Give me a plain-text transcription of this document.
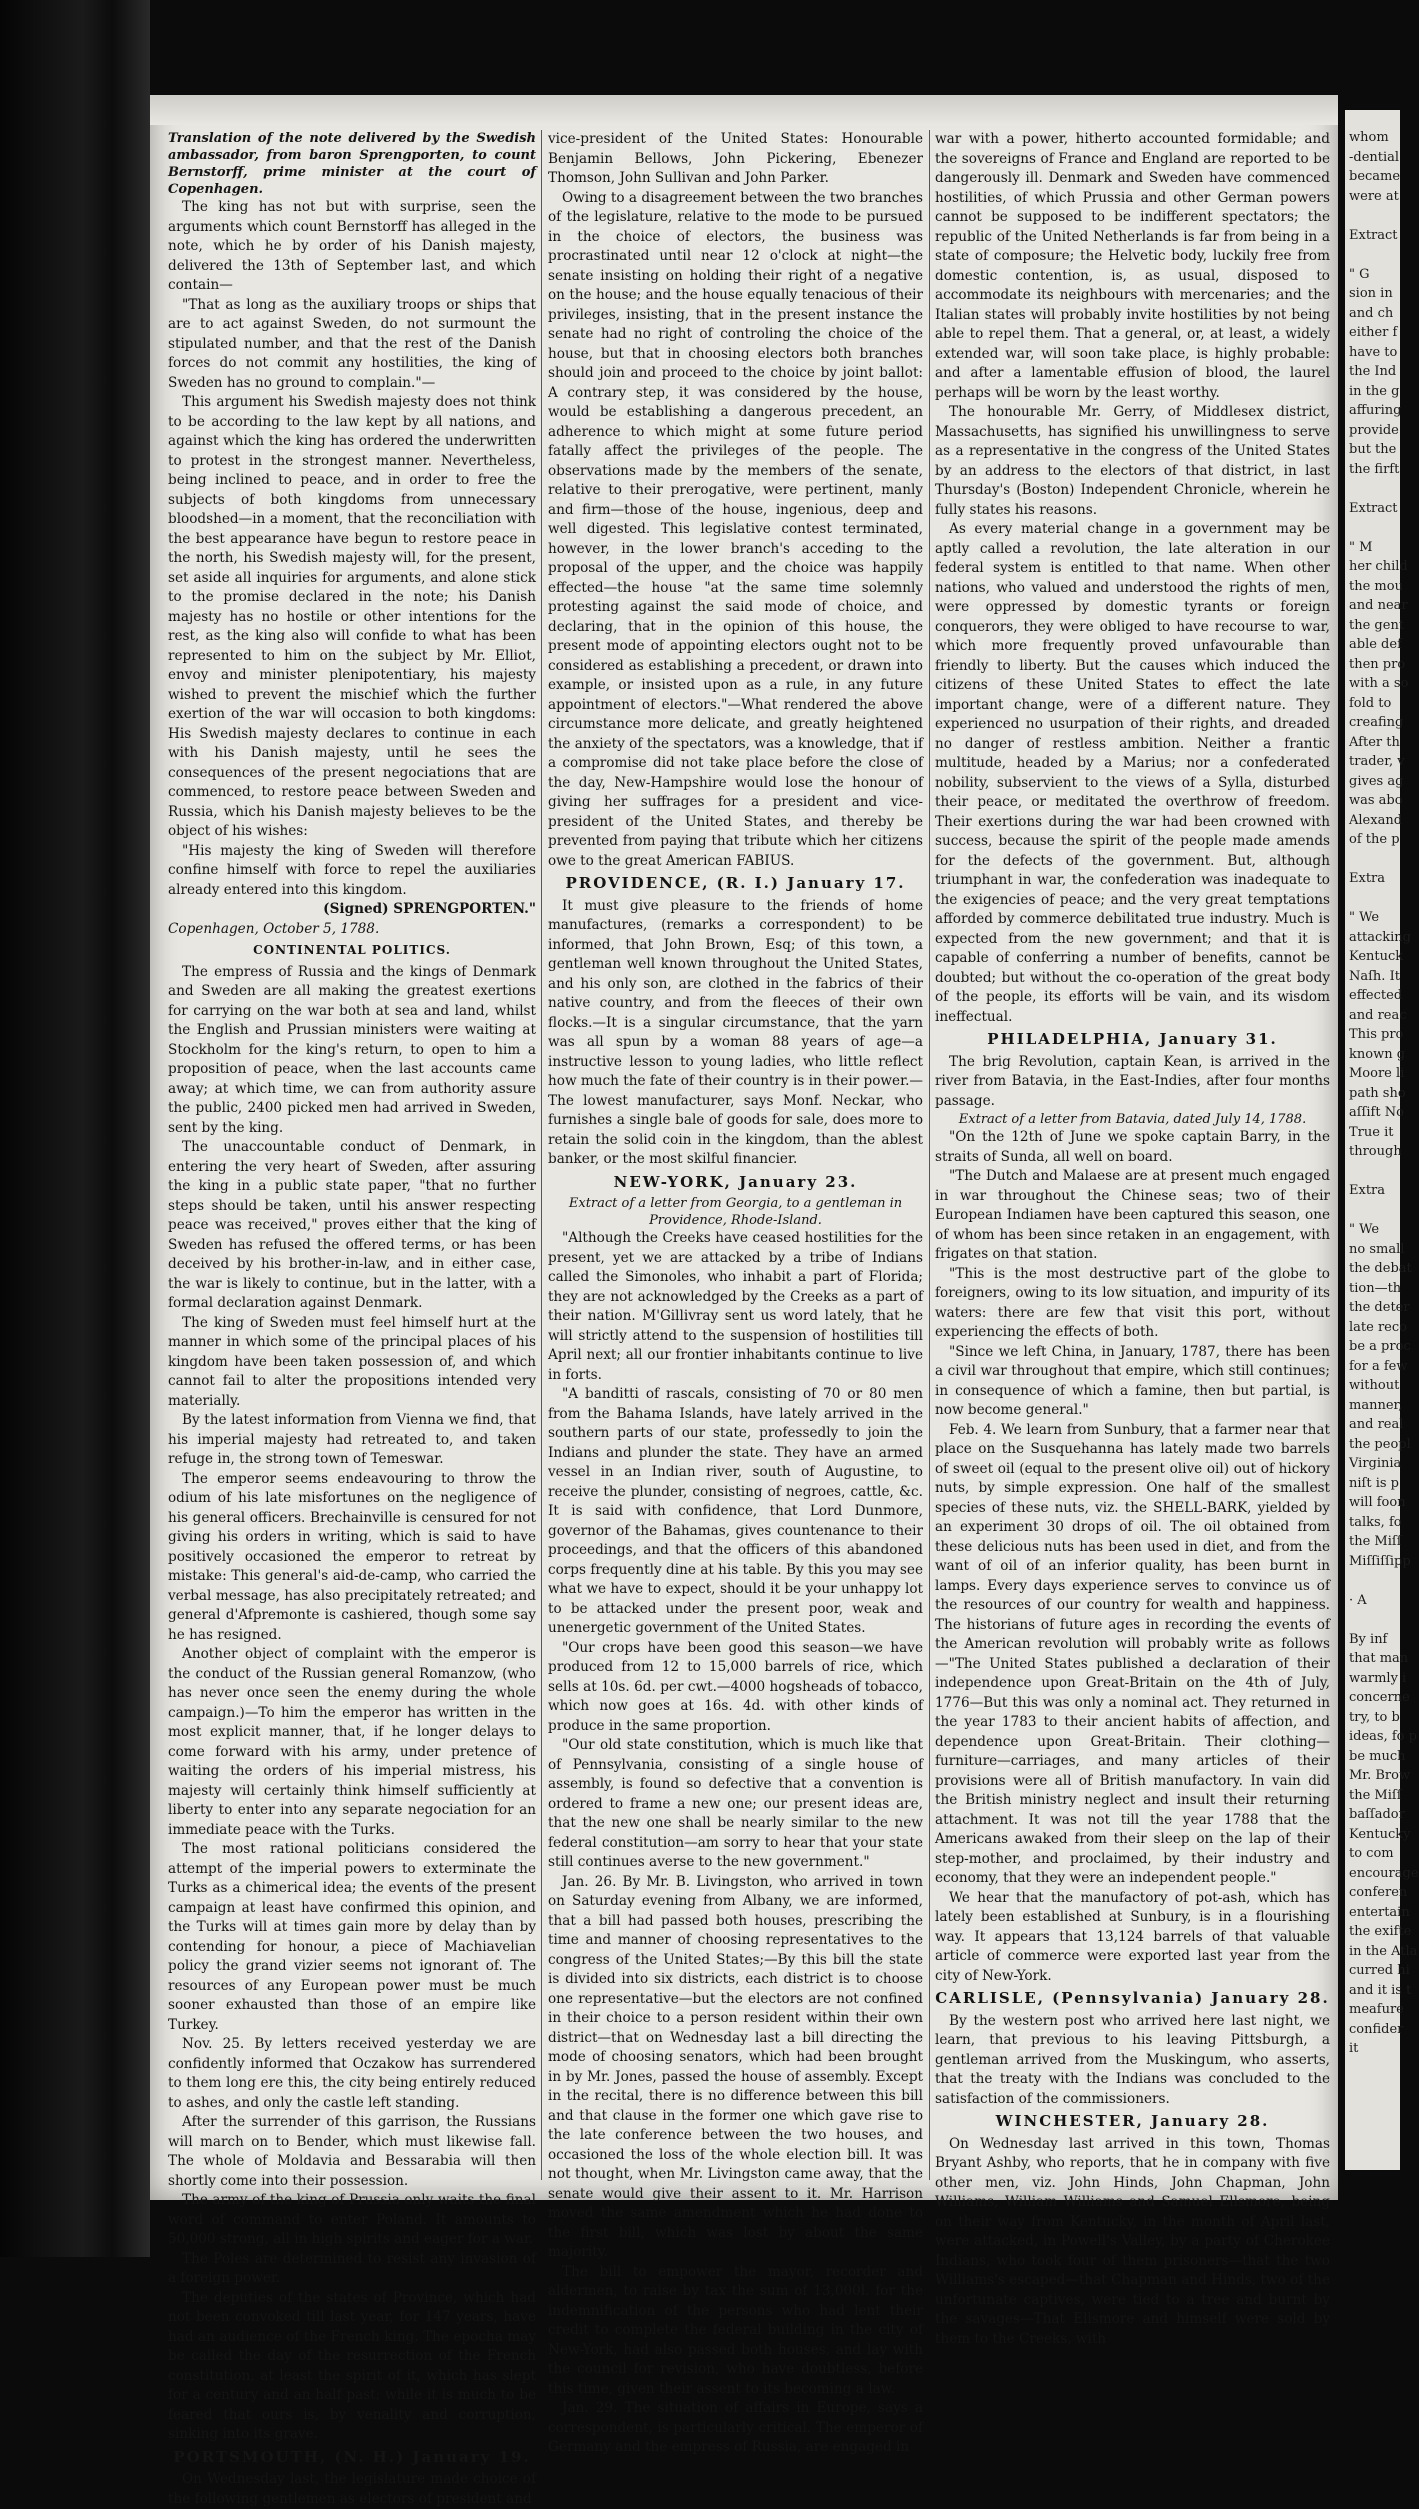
Translation of the note delivered by the Swedish ambassador, from baron Sprengporten, to count Bernstorff, prime minister at the court of Copenhagen.

The king has not but with surprise, seen the arguments which count Bernstorff has alleged in the note, which he by order of his Danish majesty, delivered the 13th of September last, and which contain—

"That as long as the auxiliary troops or ships that are to act against Sweden, do not surmount the stipulated number, and that the rest of the Danish forces do not commit any hostilities, the king of Sweden has no ground to complain."—

This argument his Swedish majesty does not think to be according to the law kept by all nations, and against which the king has ordered the underwritten to protest in the strongest manner. Nevertheless, being inclined to peace, and in order to free the subjects of both kingdoms from unnecessary bloodshed—in a moment, that the reconciliation with the best appearance have begun to restore peace in the north, his Swedish majesty will, for the present, set aside all inquiries for arguments, and alone stick to the promise declared in the note; his Danish majesty has no hostile or other intentions for the rest, as the king also will confide to what has been represented to him on the subject by Mr. Elliot, envoy and minister plenipotentiary, his majesty wished to prevent the mischief which the further exertion of the war will occasion to both kingdoms: His Swedish majesty declares to continue in each with his Danish majesty, until he sees the consequences of the present negociations that are commenced, to restore peace between Sweden and Russia, which his Danish majesty believes to be the object of his wishes:

"His majesty the king of Sweden will therefore confine himself with force to repel the auxiliaries already entered into this kingdom.

(Signed) SPRENGPORTEN."

Copenhagen, October 5, 1788.

CONTINENTAL POLITICS.

The empress of Russia and the kings of Denmark and Sweden are all making the greatest exertions for carrying on the war both at sea and land, whilst the English and Prussian ministers were waiting at Stockholm for the king's return, to open to him a proposition of peace, when the last accounts came away; at which time, we can from authority assure the public, 2400 picked men had arrived in Sweden, sent by the king.

The unaccountable conduct of Denmark, in entering the very heart of Sweden, after assuring the king in a public state paper, "that no further steps should be taken, until his answer respecting peace was received," proves either that the king of Sweden has refused the offered terms, or has been deceived by his brother-in-law, and in either case, the war is likely to continue, but in the latter, with a formal declaration against Denmark.

The king of Sweden must feel himself hurt at the manner in which some of the principal places of his kingdom have been taken possession of, and which cannot fail to alter the propositions intended very materially.

By the latest information from Vienna we find, that his imperial majesty had retreated to, and taken refuge in, the strong town of Temeswar.

The emperor seems endeavouring to throw the odium of his late misfortunes on the negligence of his general officers. Brechainville is censured for not giving his orders in writing, which is said to have positively occasioned the emperor to retreat by mistake: This general's aid-de-camp, who carried the verbal message, has also precipitately retreated; and general d'Afpremonte is cashiered, though some say he has resigned.

Another object of complaint with the emperor is the conduct of the Russian general Romanzow, (who has never once seen the enemy during the whole campaign.)—To him the emperor has written in the most explicit manner, that, if he longer delays to come forward with his army, under pretence of waiting the orders of his imperial mistress, his majesty will certainly think himself sufficiently at liberty to enter into any separate negociation for an immediate peace with the Turks.

The most rational politicians considered the attempt of the imperial powers to exterminate the Turks as a chimerical idea; the events of the present campaign at least have confirmed this opinion, and the Turks will at times gain more by delay than by contending for honour, a piece of Machiavelian policy the grand vizier seems not ignorant of. The resources of any European power must be much sooner exhausted than those of an empire like Turkey.

Nov. 25. By letters received yesterday we are confidently informed that Oczakow has surrendered to them long ere this, the city being entirely reduced to ashes, and only the castle left standing.

After the surrender of this garrison, the Russians will march on to Bender, which must likewise fall. The whole of Moldavia and Bessarabia will then shortly come into their possession.

The army of the king of Prussia only waits the final word of command to enter Poland. It amounts to 50,000 strong, all in high spirits and eager for a war.

The Poles are determined to resist any invasion of a foreign power.

The deputies of the states of Province, which had not been convoked till last year, for 147 years, have had an audience of the French king. The epocha may be called the day of the resurrection of the French constitution, at least the spirit of it, which has slept for a century and an half past; while it is much to be feared that ours is, by venality and corruption, sinking into its grave.

PORTSMOUTH, (N. H.) January 19.

On Wednesday last, the legislature made choice of the following gentlemen as electors of president and

vice-president of the United States: Honourable Benjamin Bellows, John Pickering, Ebenezer Thomson, John Sullivan and John Parker.

Owing to a disagreement between the two branches of the legislature, relative to the mode to be pursued in the choice of electors, the business was procrastinated until near 12 o'clock at night—the senate insisting on holding their right of a negative on the house; and the house equally tenacious of their privileges, insisting, that in the present instance the senate had no right of controling the choice of the house, but that in choosing electors both branches should join and proceed to the choice by joint ballot: A contrary step, it was considered by the house, would be establishing a dangerous precedent, an adherence to which might at some future period fatally affect the privileges of the people. The observations made by the members of the senate, relative to their prerogative, were pertinent, manly and firm—those of the house, ingenious, deep and well digested. This legislative contest terminated, however, in the lower branch's acceding to the proposal of the upper, and the choice was happily effected—the house "at the same time solemnly protesting against the said mode of choice, and declaring, that in the opinion of this house, the present mode of appointing electors ought not to be considered as establishing a precedent, or drawn into example, or insisted upon as a rule, in any future appointment of electors."—What rendered the above circumstance more delicate, and greatly heightened the anxiety of the spectators, was a knowledge, that if a compromise did not take place before the close of the day, New-Hampshire would lose the honour of giving her suffrages for a president and vice-president of the United States, and thereby be prevented from paying that tribute which her citizens owe to the great American FABIUS.

PROVIDENCE, (R. I.) January 17.

It must give pleasure to the friends of home manufactures, (remarks a correspondent) to be informed, that John Brown, Esq; of this town, a gentleman well known throughout the United States, and his only son, are clothed in the fabrics of their native country, and from the fleeces of their own flocks.—It is a singular circumstance, that the yarn was all spun by a woman 88 years of age—a instructive lesson to young ladies, who little reflect how much the fate of their country is in their power.—The lowest manufacturer, says Monf. Neckar, who furnishes a single bale of goods for sale, does more to retain the solid coin in the kingdom, than the ablest banker, or the most skilful financier.

NEW-YORK, January 23.

Extract of a letter from Georgia, to a gentleman in Providence, Rhode-Island.

"Although the Creeks have ceased hostilities for the present, yet we are attacked by a tribe of Indians called the Simonoles, who inhabit a part of Florida; they are not acknowledged by the Creeks as a part of their nation. M'Gillivray sent us word lately, that he will strictly attend to the suspension of hostilities till April next; all our frontier inhabitants continue to live in forts.

"A banditti of rascals, consisting of 70 or 80 men from the Bahama Islands, have lately arrived in the southern parts of our state, professedly to join the Indians and plunder the state. They have an armed vessel in an Indian river, south of Augustine, to receive the plunder, consisting of negroes, cattle, &c. It is said with confidence, that Lord Dunmore, governor of the Bahamas, gives countenance to their proceedings, and that the officers of this abandoned corps frequently dine at his table. By this you may see what we have to expect, should it be your unhappy lot to be attacked under the present poor, weak and unenergetic government of the United States.

"Our crops have been good this season—we have produced from 12 to 15,000 barrels of rice, which sells at 10s. 6d. per cwt.—4000 hogsheads of tobacco, which now goes at 16s. 4d. with other kinds of produce in the same proportion.

"Our old state constitution, which is much like that of Pennsylvania, consisting of a single house of assembly, is found so defective that a convention is ordered to frame a new one; our present ideas are, that the new one shall be nearly similar to the new federal constitution—am sorry to hear that your state still continues averse to the new government."

Jan. 26. By Mr. B. Livingston, who arrived in town on Saturday evening from Albany, we are informed, that a bill had passed both houses, prescribing the time and manner of choosing representatives to the congress of the United States;—By this bill the state is divided into six districts, each district is to choose one representative—but the electors are not confined in their choice to a person resident within their own district—that on Wednesday last a bill directing the mode of choosing senators, which had been brought in by Mr. Jones, passed the house of assembly. Except in the recital, there is no difference between this bill and that clause in the former one which gave rise to the late conference between the two houses, and occasioned the loss of the whole election bill. It was not thought, when Mr. Livingston came away, that the senate would give their assent to it. Mr. Harrison moved the same amendment which he had done to the first bill, which was lost by about the same majority.

The bill to empower the mayor, recorder and aldermen, to raise by tax the sum of 13,000l. for the indemnification of the persons who had lent their credit to complete the federal building in the city of New-York, had also passed both houses, and lay with the council for revision, who have doubtless, before this time, given their assent to its becoming a law.

Jan. 29. The situation of affairs in Europe, says a correspondent, is particularly critical. The emperor of Germany and the empress of Russia, are engaged in

war with a power, hitherto accounted formidable; and the sovereigns of France and England are reported to be dangerously ill. Denmark and Sweden have commenced hostilities, of which Prussia and other German powers cannot be supposed to be indifferent spectators; the republic of the United Netherlands is far from being in a state of composure; the Helvetic body, luckily free from domestic contention, is, as usual, disposed to accommodate its neighbours with mercenaries; and the Italian states will probably invite hostilities by not being able to repel them. That a general, or, at least, a widely extended war, will soon take place, is highly probable: and after a lamentable effusion of blood, the laurel perhaps will be worn by the least worthy.

The honourable Mr. Gerry, of Middlesex district, Massachusetts, has signified his unwillingness to serve as a representative in the congress of the United States by an address to the electors of that district, in last Thursday's (Boston) Independent Chronicle, wherein he fully states his reasons.

As every material change in a government may be aptly called a revolution, the late alteration in our federal system is entitled to that name. When other nations, who valued and understood the rights of men, were oppressed by domestic tyrants or foreign conquerors, they were obliged to have recourse to war, which more frequently proved unfavourable than friendly to liberty. But the causes which induced the citizens of these United States to effect the late important change, were of a different nature. They experienced no usurpation of their rights, and dreaded no danger of restless ambition. Neither a frantic multitude, headed by a Marius; nor a confederated nobility, subservient to the views of a Sylla, disturbed their peace, or meditated the overthrow of freedom. Their exertions during the war had been crowned with success, because the spirit of the people made amends for the defects of the government. But, although triumphant in war, the confederation was inadequate to the exigencies of peace; and the very great temptations afforded by commerce debilitated true industry. Much is expected from the new government; and that it is capable of conferring a number of benefits, cannot be doubted; but without the co-operation of the great body of the people, its efforts will be vain, and its wisdom ineffectual.

PHILADELPHIA, January 31.

The brig Revolution, captain Kean, is arrived in the river from Batavia, in the East-Indies, after four months passage.

Extract of a letter from Batavia, dated July 14, 1788.

"On the 12th of June we spoke captain Barry, in the straits of Sunda, all well on board.

"The Dutch and Malaese are at present much engaged in war throughout the Chinese seas; two of their European Indiamen have been captured this season, one of whom has been since retaken in an engagement, with frigates on that station.

"This is the most destructive part of the globe to foreigners, owing to its low situation, and impurity of its waters: there are few that visit this port, without experiencing the effects of both.

"Since we left China, in January, 1787, there has been a civil war throughout that empire, which still continues; in consequence of which a famine, then but partial, is now become general."

Feb. 4. We learn from Sunbury, that a farmer near that place on the Susquehanna has lately made two barrels of sweet oil (equal to the present olive oil) out of hickory nuts, by simple expression. One half of the smallest species of these nuts, viz. the SHELL-BARK, yielded by an experiment 30 drops of oil. The oil obtained from these delicious nuts has been used in diet, and from the want of oil of an inferior quality, has been burnt in lamps. Every days experience serves to convince us of the resources of our country for wealth and happiness. The historians of future ages in recording the events of the American revolution will probably write as follows—"The United States published a declaration of their independence upon Great-Britain on the 4th of July, 1776—But this was only a nominal act. They returned in the year 1783 to their ancient habits of affection, and dependence upon Great-Britain. Their clothing—furniture—carriages, and many articles of their provisions were all of British manufactory. In vain did the British ministry neglect and insult their returning attachment. It was not till the year 1788 that the Americans awaked from their sleep on the lap of their step-mother, and proclaimed, by their industry and economy, that they were an independent people."

We hear that the manufactory of pot-ash, which has lately been established at Sunbury, is in a flourishing way. It appears that 13,124 barrels of that valuable article of commerce were exported last year from the city of New-York.

CARLISLE, (Pennsylvania) January 28.

By the western post who arrived here last night, we learn, that previous to his leaving Pittsburgh, a gentleman arrived from the Muskingum, who asserts, that the treaty with the Indians was concluded to the satisfaction of the commissioners.

WINCHESTER, January 28.

On Wednesday last arrived in this town, Thomas Bryant Ashby, who reports, that he in company with five other men, viz. John Hinds, John Chapman, John Williams, William Williams and Samuel Ellsmore, being on their way from Kentucky, in the month of April last, were attacked, in Powell's Valley, by a party of Cherokee Indians, who took four of them prisoners—that the two Williams's escaped—that Chapman and Hinds, two of the unfortunate captives, were tied to a tree and burnt by the savages—That Ellsmore and himself were sold by them to the Creeks, with

whom
-dential
became
were at

Extract

" G
sion in
and ch
either f
have to
the Ind
in the g
affuring
provide
but the
the firft

Extract

" M
her child
the mou
and near
the gent
able def
then pro
with a so
fold to
creafing
After th
trader, v
gives ag
was abo
Alexand
of the p

Extra

" We
attacking
Kentuck
Naſh. It
effected
and reac
This pro
known g
Moore li
path sho
aſſift No
True it
through

Extra

" We
no small
the debat
tion—th
the deter
late reco
be a proc
for a few
without
manner,
and real
the peopl
Virginia
niſt is p
will foon
talks, fo
the Miſſ
Miſſiſſipp

· A

By inf
that man
warmly i
concerne
try, to b
ideas, fo p
be much
Mr. Brow
the Miſſ
baſſador
Kentucky
to com
encourage
conferen
entertain
the exifte
in the Atla
curred hi
and it is t
meafure
confider
it
